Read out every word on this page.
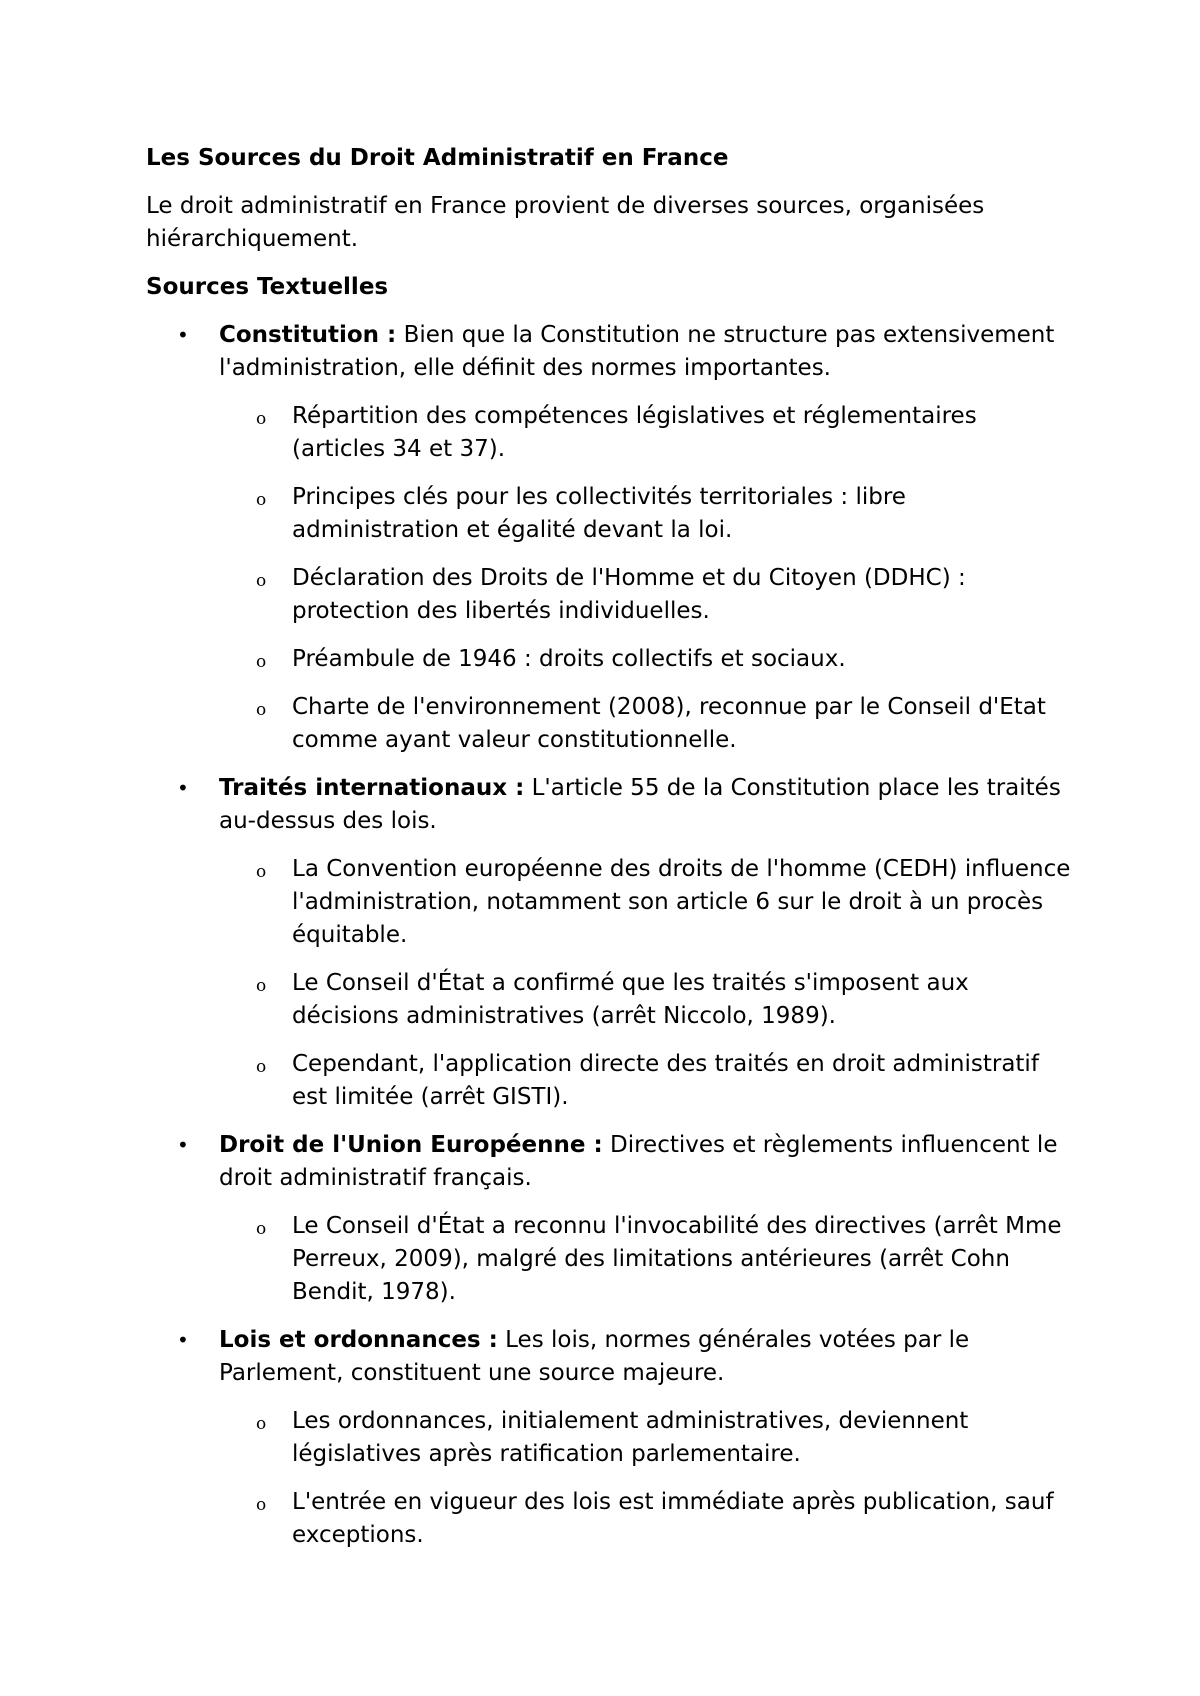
Les Sources du Droit Administratif en France
Le droit administratif en France provient de diverses sources, organisées hiérarchiquement.
Sources Textuelles
• Constitution : Bien que la Constitution ne structure pas extensivement l'administration, elle définit des normes importantes.
o Répartition des compétences législatives et réglementaires (articles 34 et 37).
o Principes clés pour les collectivités territoriales : libre administration et égalité devant la loi.
o Déclaration des Droits de l'Homme et du Citoyen (DDHC) : protection des libertés individuelles.
o Préambule de 1946 : droits collectifs et sociaux.
o Charte de l'environnement (2008), reconnue par le Conseil d'Etat comme ayant valeur constitutionnelle.
• Traités internationaux : L'article 55 de la Constitution place les traités au-dessus des lois.
o La Convention européenne des droits de l'homme (CEDH) influence l'administration, notamment son article 6 sur le droit à un procès équitable.
o Le Conseil d'État a confirmé que les traités s'imposent aux décisions administratives (arrêt Niccolo, 1989).
o Cependant, l'application directe des traités en droit administratif est limitée (arrêt GISTI).
• Droit de l'Union Européenne : Directives et règlements influencent le droit administratif français.
o Le Conseil d'État a reconnu l'invocabilité des directives (arrêt Mme Perreux, 2009), malgré des limitations antérieures (arrêt Cohn Bendit, 1978).
• Lois et ordonnances : Les lois, normes générales votées par le Parlement, constituent une source majeure.
o Les ordonnances, initialement administratives, deviennent législatives après ratification parlementaire.
o L'entrée en vigueur des lois est immédiate après publication, sauf exceptions.
